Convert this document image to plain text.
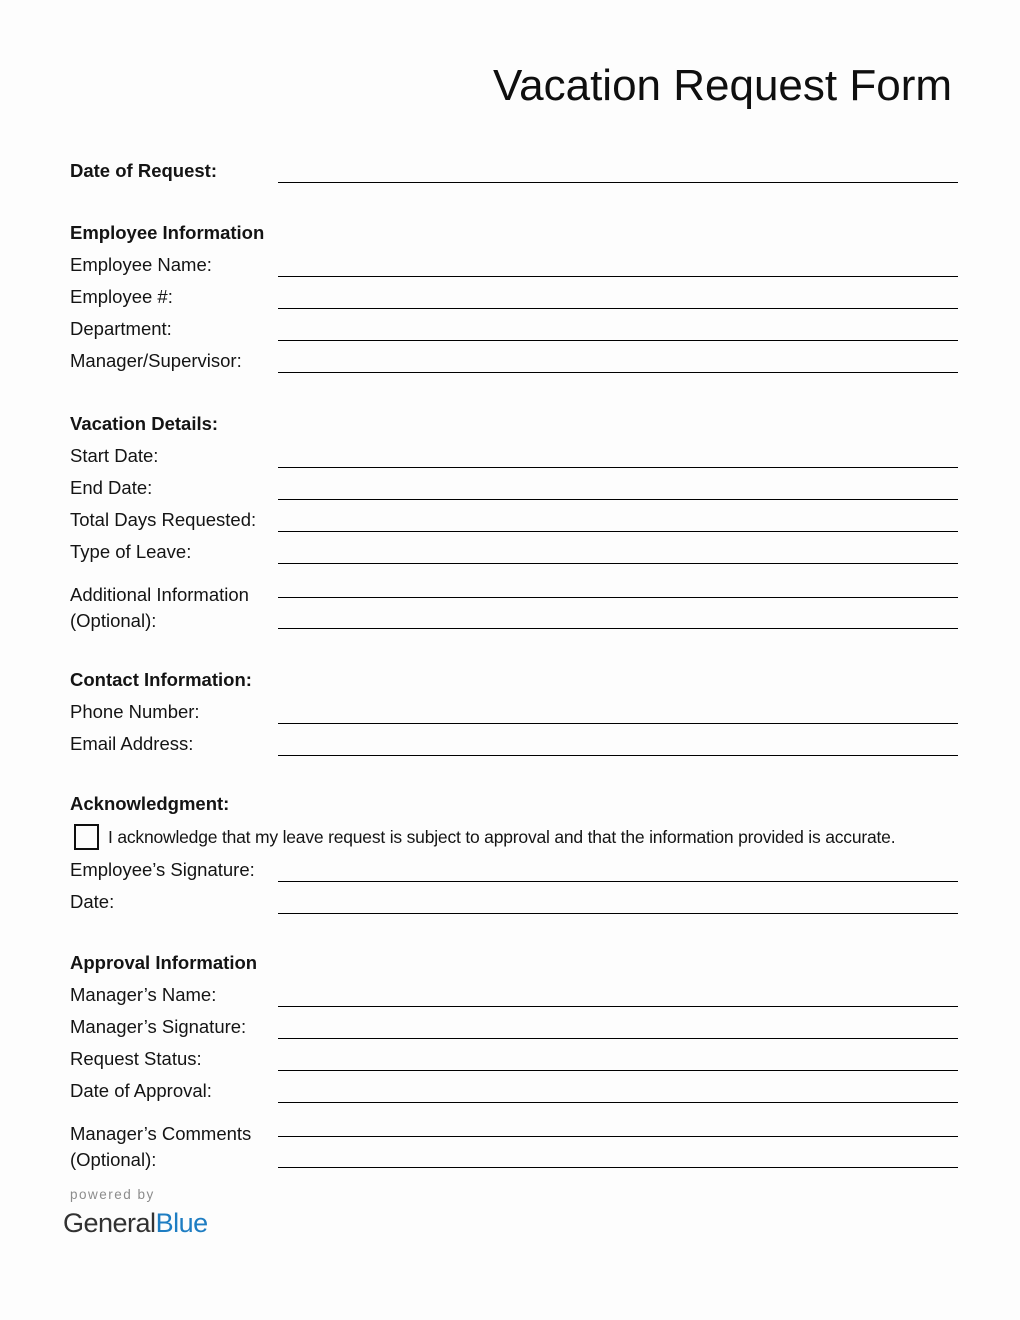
Vacation Request Form
Date of Request:
Employee Information
Employee Name:
Employee #:
Department:
Manager/Supervisor:
Vacation Details:
Start Date:
End Date:
Total Days Requested:
Type of Leave:
Additional Information
(Optional):
Contact Information:
Phone Number:
Email Address:
Acknowledgment:
I acknowledge that my leave request is subject to approval and that the information provided is accurate.
Employee’s Signature:
Date:
Approval Information
Manager’s Name:
Manager’s Signature:
Request Status:
Date of Approval:
Manager’s Comments
(Optional):
powered by
GeneralBlue
